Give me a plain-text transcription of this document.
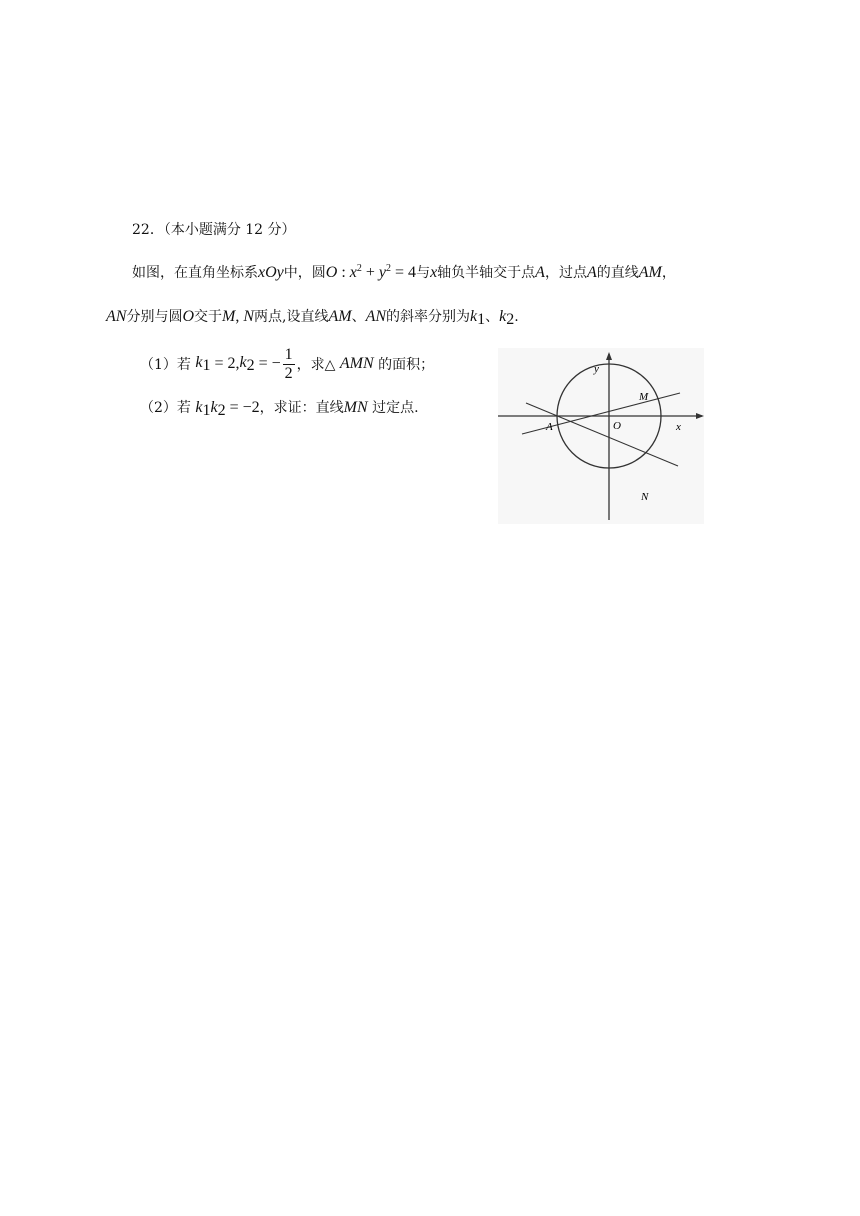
22．（本小题满分 12 分）
如图，在直角坐标系xOy中，圆O : $x^2 + y^2 = 4$与x轴负半轴交于点A，过点A的直线AM，
AN分别与圆O交于M, N两点,设直线AM、AN的斜率分别为$k_1$、$k_2$.
（1）若
$k_1 = 2$, $k_2$ = − $\frac{1}{2}$ ，求△
AMN
的面积；
（2）若 $k_1k_2 = -2$，求证：直线MN 过定点.
y
x
O
A
M
N
